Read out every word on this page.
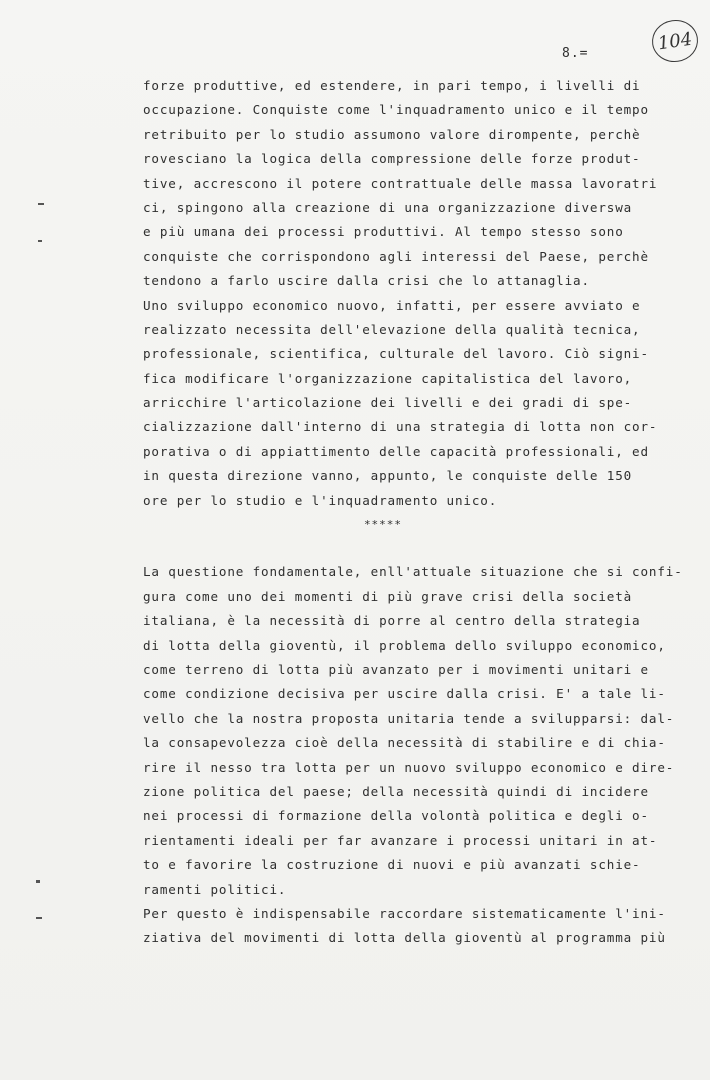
104
8.=
forze produttive, ed estendere, in pari tempo, i livelli di
occupazione. Conquiste come l'inquadramento unico e il tempo
retribuito per lo studio assumono valore dirompente, perchè
rovesciano la logica della compressione delle forze produt-
tive, accrescono il potere contrattuale delle massa lavoratri
ci, spingono alla creazione di una organizzazione diverswa
e più umana dei processi produttivi. Al tempo stesso sono
conquiste che corrispondono agli interessi del Paese, perchè
tendono a farlo uscire dalla crisi che lo attanaglia.
Uno sviluppo economico nuovo, infatti, per essere avviato e
realizzato necessita dell'elevazione della qualità tecnica,
professionale, scientifica, culturale del lavoro. Ciò signi-
fica modificare l'organizzazione capitalistica del lavoro,
arricchire l'articolazione dei livelli e dei gradi di spe-
cializzazione dall'interno di una strategia di lotta non cor-
porativa o di appiattimento delle capacità professionali, ed
in questa direzione vanno, appunto, le conquiste delle 150
ore per lo studio e l'inquadramento unico.
*****
La questione fondamentale, enll'attuale situazione che si confi-
gura come uno dei momenti di più grave crisi della società
italiana, è la necessità di porre al centro della strategia
di lotta della gioventù, il problema dello sviluppo economico,
come terreno di lotta più avanzato per i movimenti unitari e
come condizione decisiva per uscire dalla crisi. E' a tale li-
vello che la nostra proposta unitaria tende a svilupparsi: dal-
la consapevolezza cioè della necessità di stabilire e di chia-
rire il nesso tra lotta per un nuovo sviluppo economico e dire-
zione politica del paese; della necessità quindi di incidere
nei processi di formazione della volontà politica e degli o-
rientamenti ideali per far avanzare i processi unitari in at-
to e favorire la costruzione di nuovi e più avanzati schie-
ramenti politici.
Per questo è indispensabile raccordare sistematicamente l'ini-
ziativa del movimenti di lotta della gioventù al programma più
